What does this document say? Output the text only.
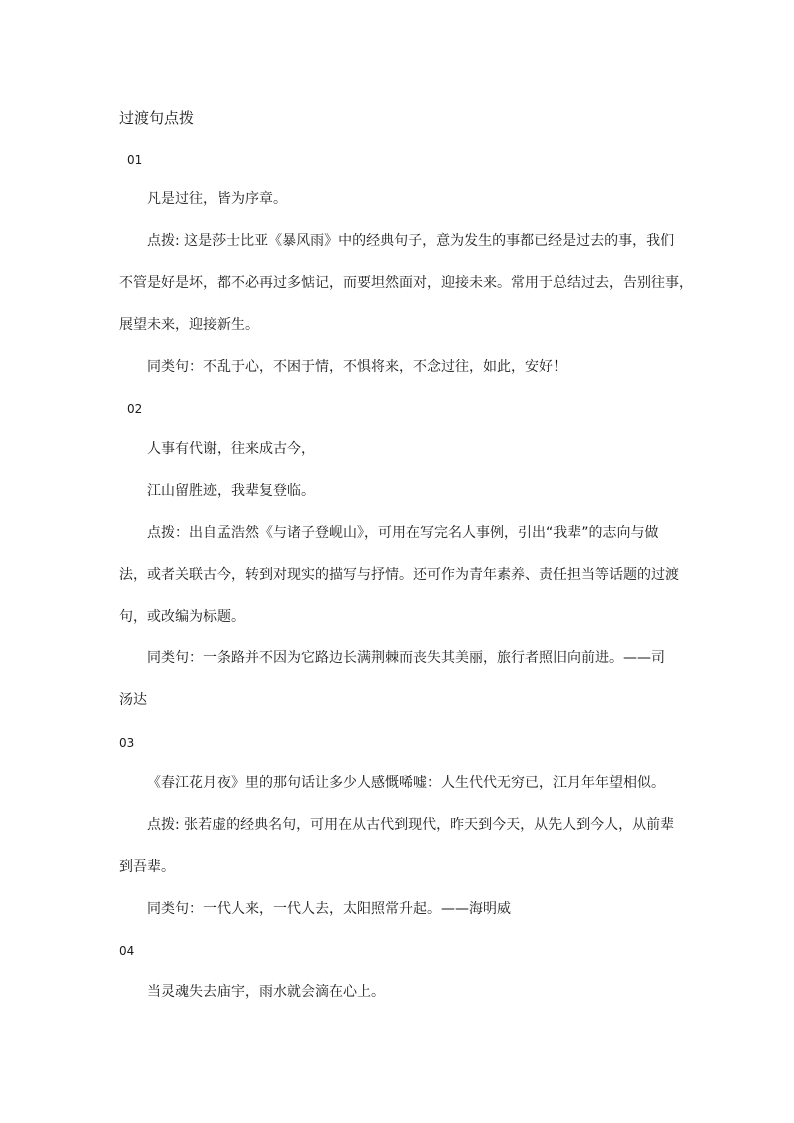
过渡句点拨
01
凡是过往，皆为序章。
点拨: 这是莎士比亚《暴风雨》中的经典句子，意为发生的事都已经是过去的事，我们
不管是好是坏，都不必再过多惦记，而要坦然面对，迎接未来。常用于总结过去，告别往事，
展望未来，迎接新生。
同类句：不乱于心，不困于情，不惧将来，不念过往，如此，安好！
02
人事有代谢，往来成古今，
江山留胜迹，我辈复登临。
点拨：出自孟浩然《与诸子登岘山》，可用在写完名人事例，引出“我辈”的志向与做
法，或者关联古今，转到对现实的描写与抒情。还可作为青年素养、责任担当等话题的过渡
句，或改编为标题。
同类句：一条路并不因为它路边长满荆棘而丧失其美丽，旅行者照旧向前进。——司
汤达
03
《春江花月夜》里的那句话让多少人感慨唏嘘：人生代代无穷已，江月年年望相似。
点拨: 张若虚的经典名句，可用在从古代到现代，昨天到今天，从先人到今人，从前辈
到吾辈。
同类句：一代人来，一代人去，太阳照常升起。——海明威
04
当灵魂失去庙宇，雨水就会滴在心上。
